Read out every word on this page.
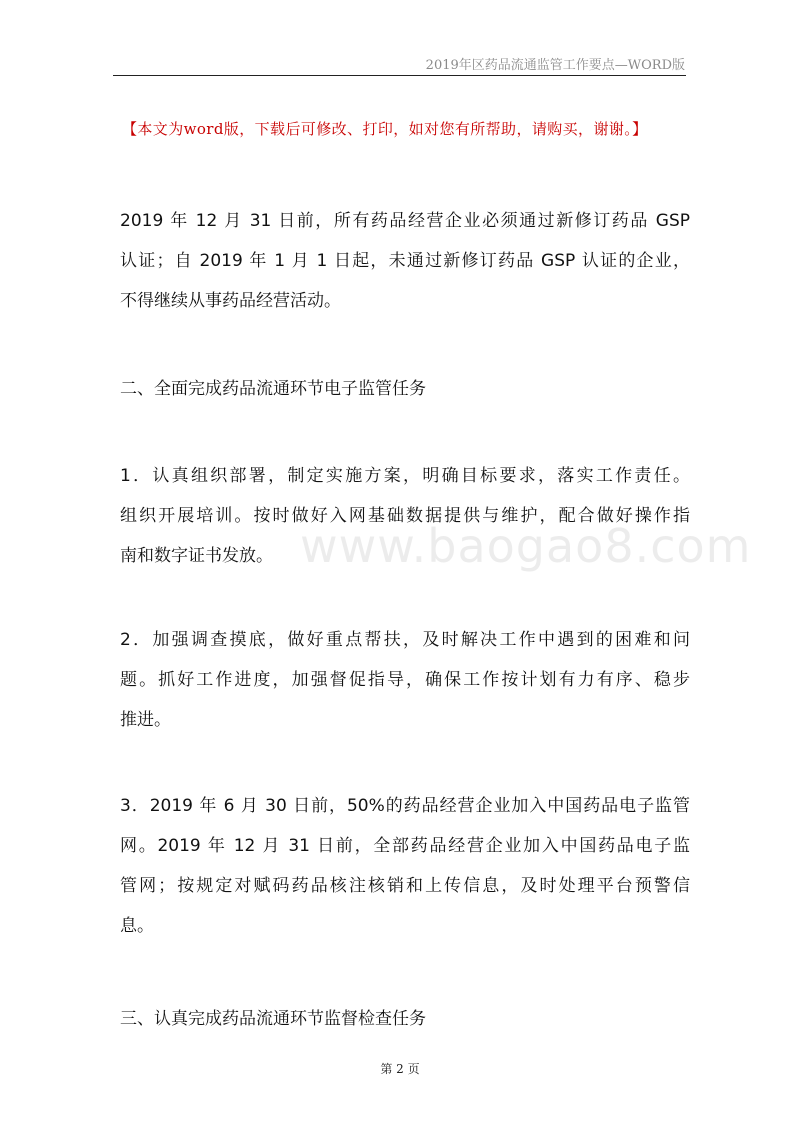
2019年区药品流通监管工作要点—WORD版
【本文为word版，下载后可修改、打印，如对您有所帮助，请购买，谢谢。】
www.baogao8.com
2019 年 12 月 31 日前，所有药品经营企业必须通过新修订药品 GSP
认证；自 2019 年 1 月 1 日起，未通过新修订药品 GSP 认证的企业，
不得继续从事药品经营活动。
二、全面完成药品流通环节电子监管任务
1．认真组织部署，制定实施方案，明确目标要求，落实工作责任。
组织开展培训。按时做好入网基础数据提供与维护，配合做好操作指
南和数字证书发放。
2．加强调查摸底，做好重点帮扶，及时解决工作中遇到的困难和问
题。抓好工作进度，加强督促指导，确保工作按计划有力有序、稳步
推进。
3．2019 年 6 月 30 日前，50%的药品经营企业加入中国药品电子监管
网。2019 年 12 月 31 日前，全部药品经营企业加入中国药品电子监
管网；按规定对赋码药品核注核销和上传信息，及时处理平台预警信
息。
三、认真完成药品流通环节监督检查任务
第 2 页
